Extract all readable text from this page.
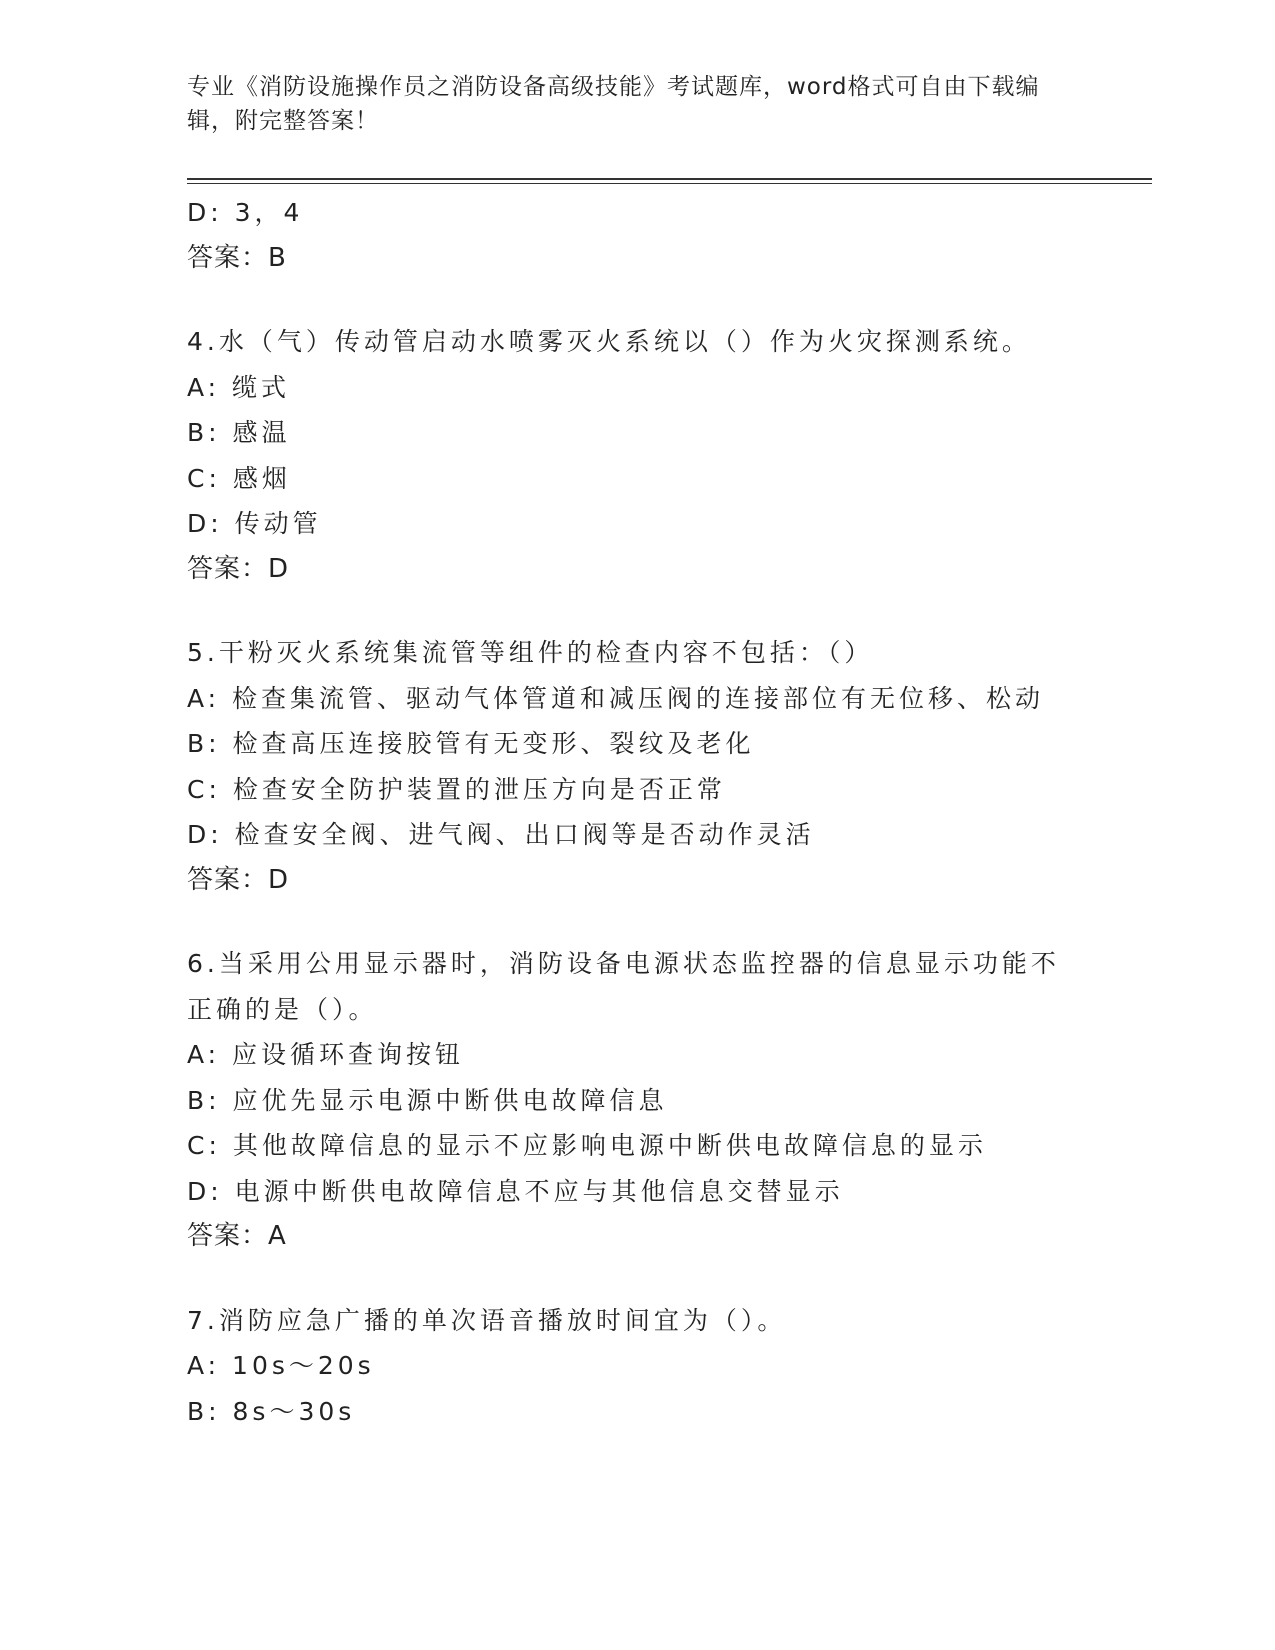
专业《消防设施操作员之消防设备高级技能》考试题库，word格式可自由下载编辑，附完整答案！
D: 3，4
答案：B
4.水（气）传动管启动水喷雾灭火系统以（）作为火灾探测系统。
A: 缆式
B: 感温
C: 感烟
D: 传动管
答案：D
5.干粉灭火系统集流管等组件的检查内容不包括：（）
A: 检查集流管、驱动气体管道和减压阀的连接部位有无位移、松动
B: 检查高压连接胶管有无变形、裂纹及老化
C: 检查安全防护装置的泄压方向是否正常
D: 检查安全阀、进气阀、出口阀等是否动作灵活
答案：D
6.当采用公用显示器时，消防设备电源状态监控器的信息显示功能不正确的是（）。
A: 应设循环查询按钮
B: 应优先显示电源中断供电故障信息
C: 其他故障信息的显示不应影响电源中断供电故障信息的显示
D: 电源中断供电故障信息不应与其他信息交替显示
答案：A
7.消防应急广播的单次语音播放时间宜为（）。
A: 10s～20s
B: 8s～30s
